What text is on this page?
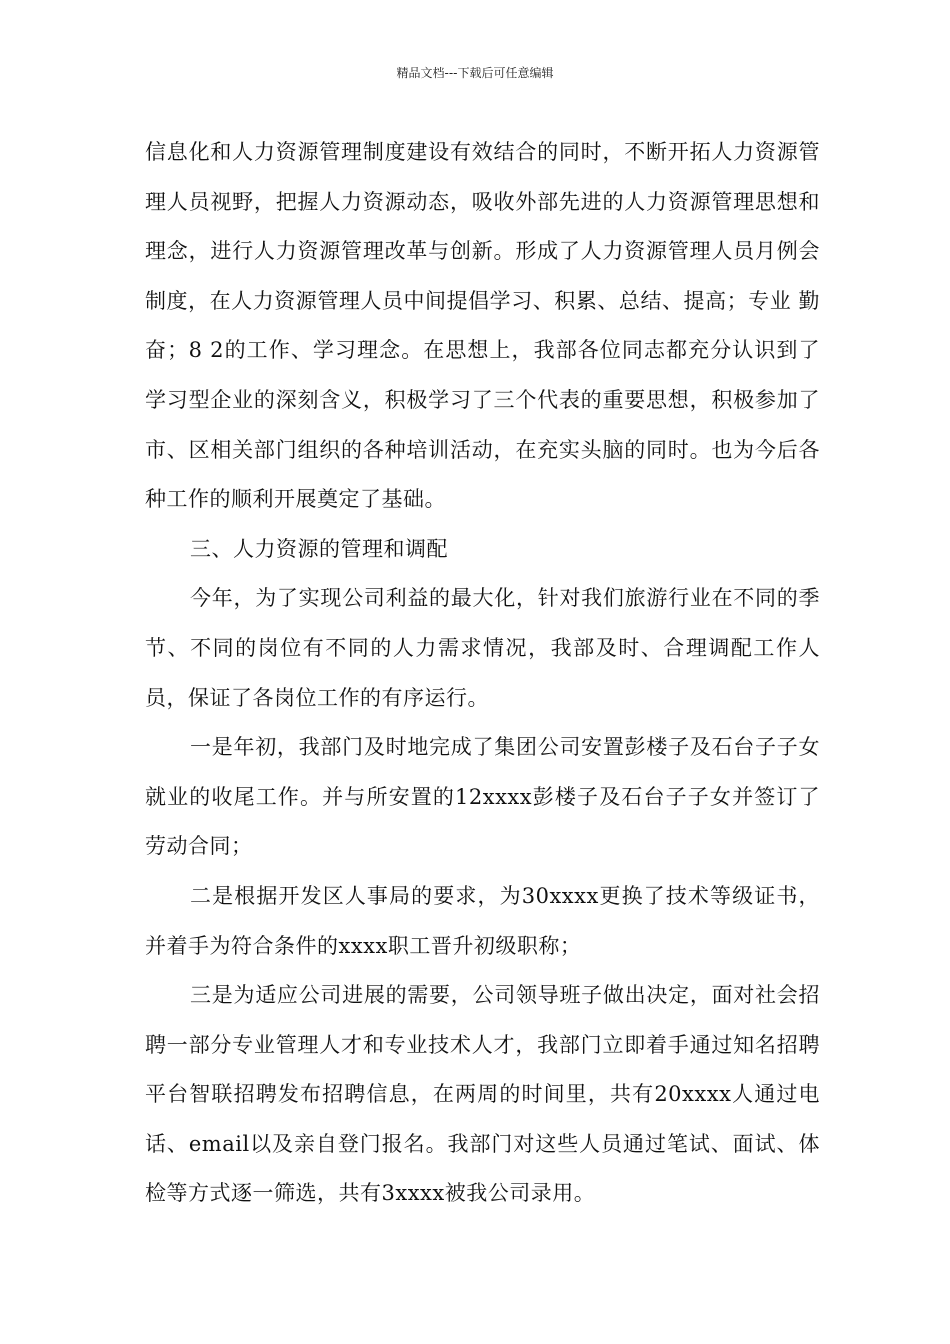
精品文档---下载后可任意编辑

信息化和人力资源管理制度建设有效结合的同时，不断开拓人力资源管理人员视野，把握人力资源动态，吸收外部先进的人力资源管理思想和理念，进行人力资源管理改革与创新。形成了人力资源管理人员月例会制度，在人力资源管理人员中间提倡学习、积累、总结、提高；专业 勤奋；8 2的工作、学习理念。在思想上，我部各位同志都充分认识到了学习型企业的深刻含义，积极学习了三个代表的重要思想，积极参加了市、区相关部门组织的各种培训活动，在充实头脑的同时。也为今后各种工作的顺利开展奠定了基础。

三、人力资源的管理和调配

今年，为了实现公司利益的最大化，针对我们旅游行业在不同的季节、不同的岗位有不同的人力需求情况，我部及时、合理调配工作人员，保证了各岗位工作的有序运行。

一是年初，我部门及时地完成了集团公司安置彭楼子及石台子子女就业的收尾工作。并与所安置的12xxxx彭楼子及石台子子女并签订了劳动合同；

二是根据开发区人事局的要求，为30xxxx更换了技术等级证书，并着手为符合条件的xxxx职工晋升初级职称；

三是为适应公司进展的需要，公司领导班子做出决定，面对社会招聘一部分专业管理人才和专业技术人才，我部门立即着手通过知名招聘平台智联招聘发布招聘信息，在两周的时间里，共有20xxxx人通过电话、email以及亲自登门报名。我部门对这些人员通过笔试、面试、体检等方式逐一筛选，共有3xxxx被我公司录用。
